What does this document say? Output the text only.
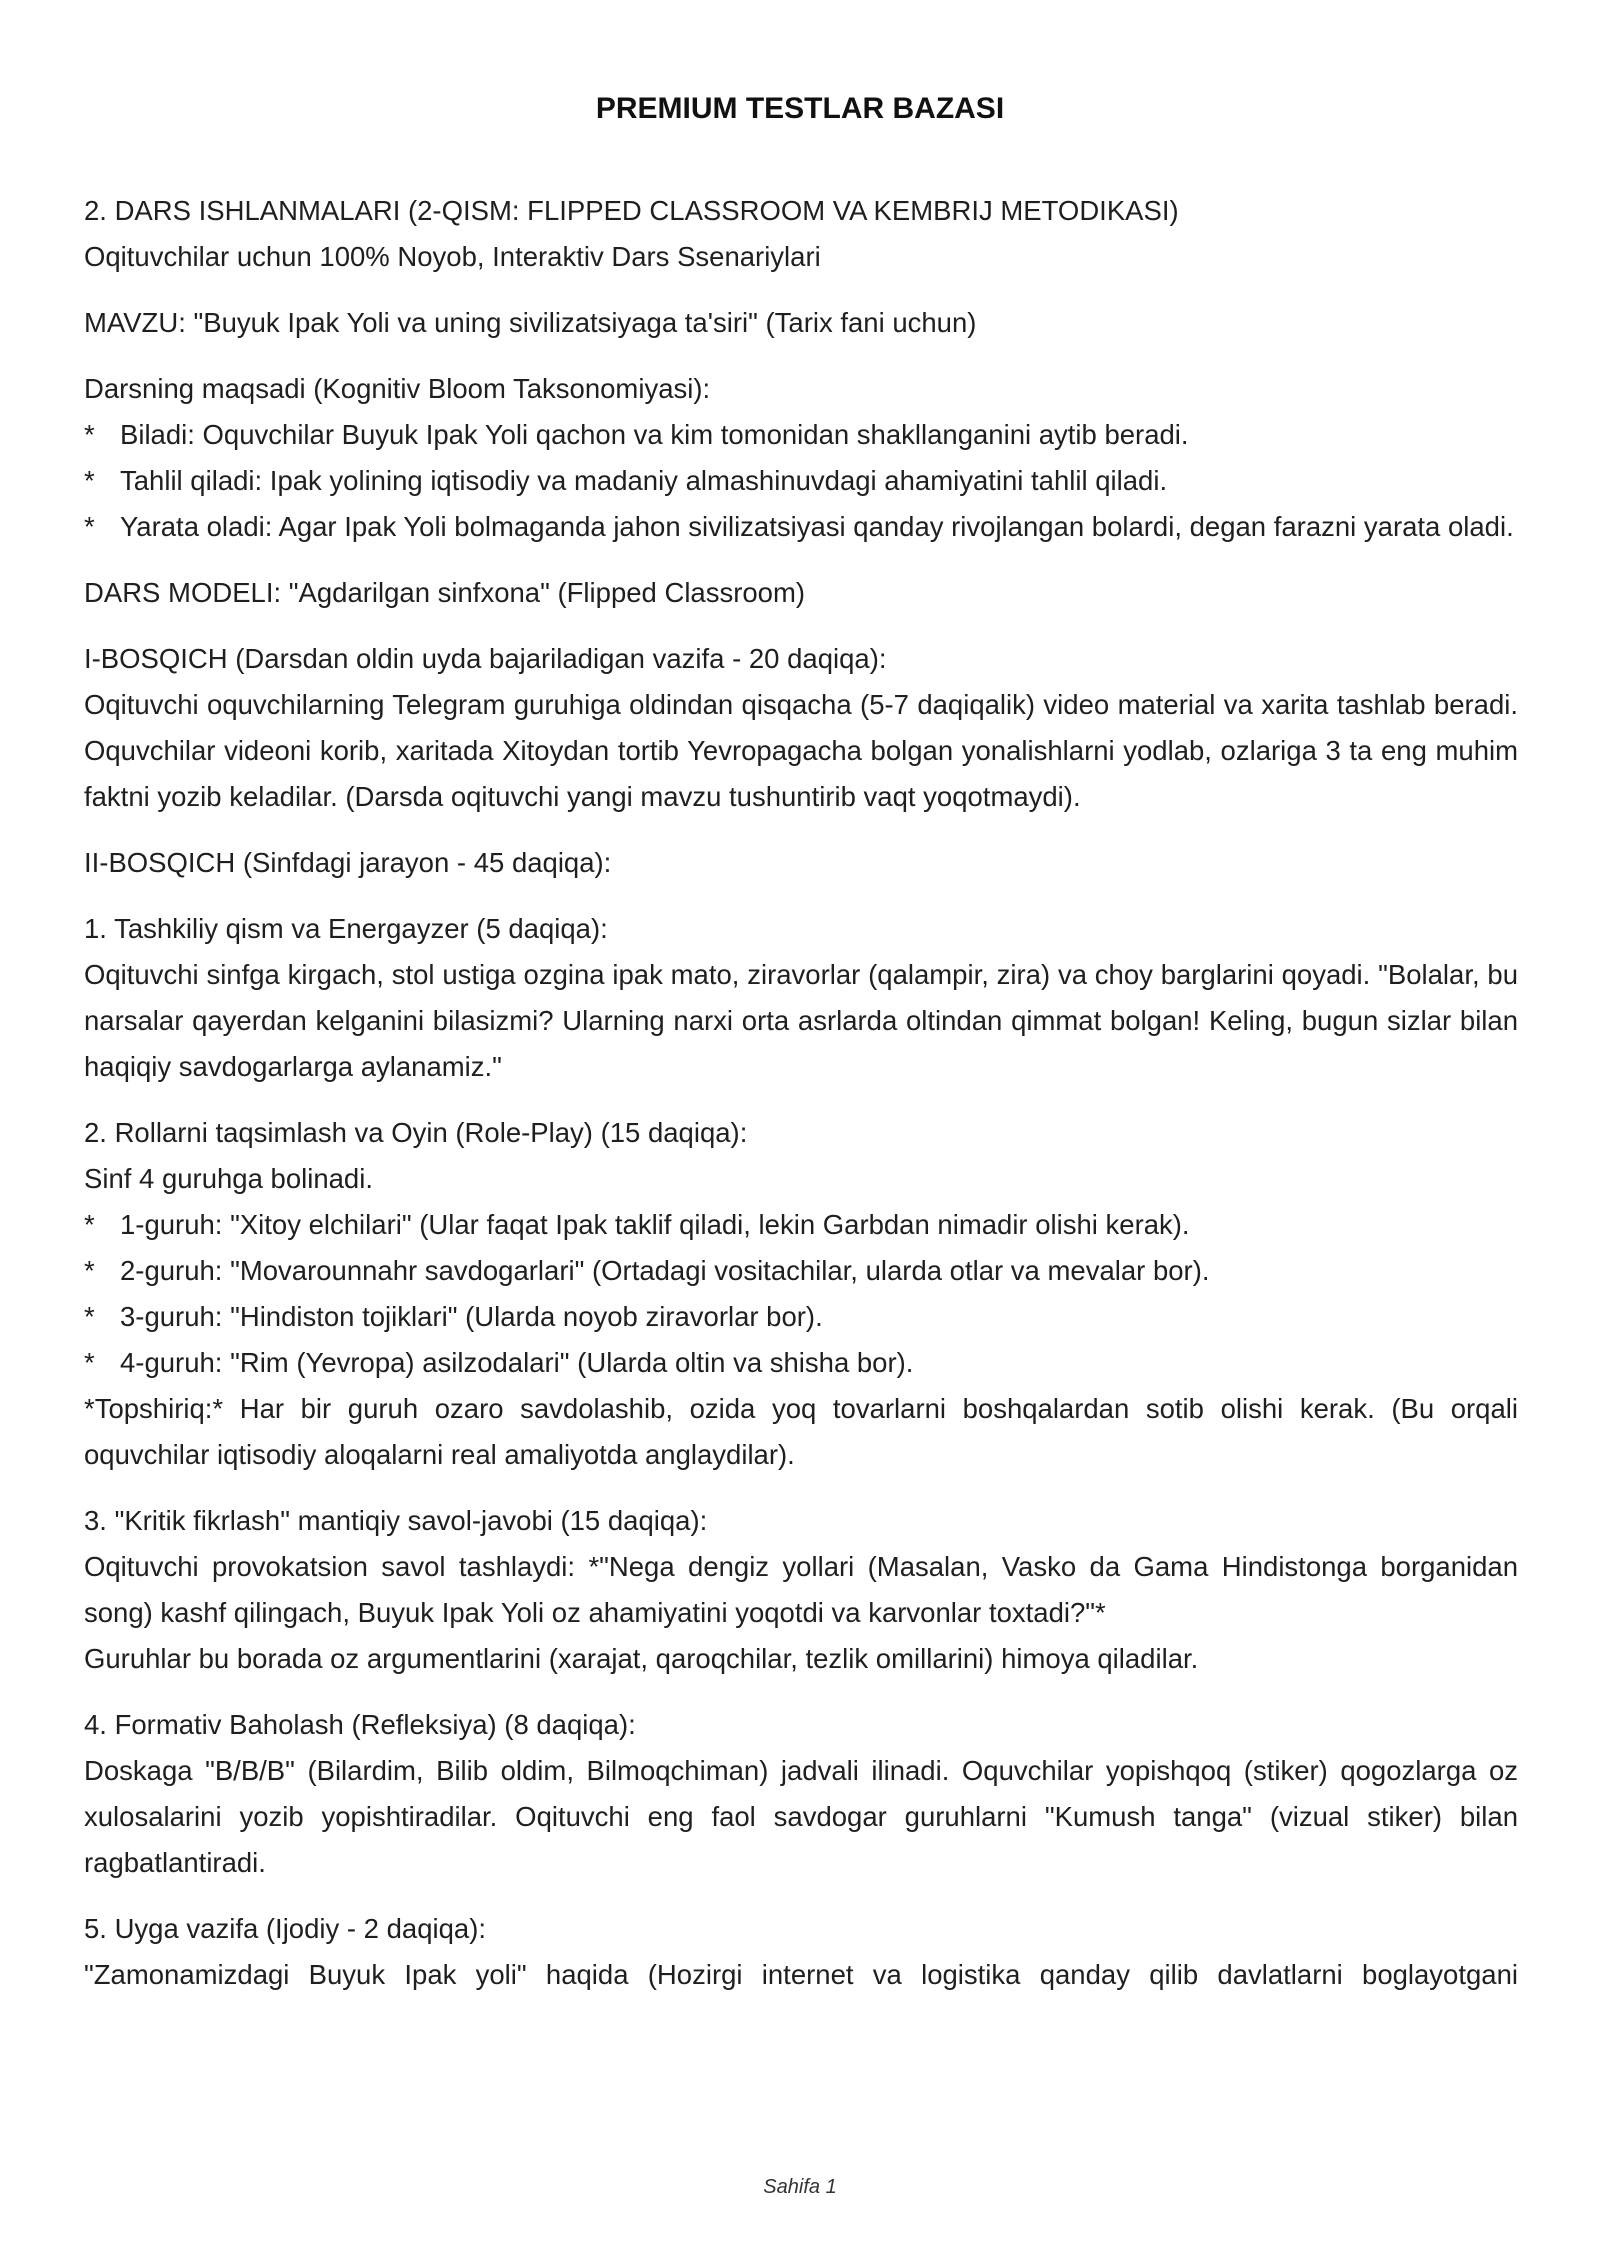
PREMIUM TESTLAR BAZASI
2. DARS ISHLANMALARI (2-QISM: FLIPPED CLASSROOM VA KEMBRIJ METODIKASI)
Oqituvchilar uchun 100% Noyob, Interaktiv Dars Ssenariylari
MAVZU: "Buyuk Ipak Yoli va uning sivilizatsiyaga ta'siri" (Tarix fani uchun)
Darsning maqsadi (Kognitiv Bloom Taksonomiyasi):
* Biladi: Oquvchilar Buyuk Ipak Yoli qachon va kim tomonidan shakllanganini aytib beradi.
* Tahlil qiladi: Ipak yolining iqtisodiy va madaniy almashinuvdagi ahamiyatini tahlil qiladi.
* Yarata oladi: Agar Ipak Yoli bolmaganda jahon sivilizatsiyasi qanday rivojlangan bolardi, degan farazni yarata oladi.
DARS MODELI: "Agdarilgan sinfxona" (Flipped Classroom)
I-BOSQICH (Darsdan oldin uyda bajariladigan vazifa - 20 daqiqa):
Oqituvchi oquvchilarning Telegram guruhiga oldindan qisqacha (5-7 daqiqalik) video material va xarita tashlab beradi. Oquvchilar videoni korib, xaritada Xitoydan tortib Yevropagacha bolgan yonalishlarni yodlab, ozlariga 3 ta eng muhim faktni yozib keladilar. (Darsda oqituvchi yangi mavzu tushuntirib vaqt yoqotmaydi).
II-BOSQICH (Sinfdagi jarayon - 45 daqiqa):
1. Tashkiliy qism va Energayzer (5 daqiqa):
Oqituvchi sinfga kirgach, stol ustiga ozgina ipak mato, ziravorlar (qalampir, zira) va choy barglarini qoyadi. "Bolalar, bu narsalar qayerdan kelganini bilasizmi? Ularning narxi orta asrlarda oltindan qimmat bolgan! Keling, bugun sizlar bilan haqiqiy savdogarlarga aylanamiz."
2. Rollarni taqsimlash va Oyin (Role-Play) (15 daqiqa):
Sinf 4 guruhga bolinadi.
* 1-guruh: "Xitoy elchilari" (Ular faqat Ipak taklif qiladi, lekin Garbdan nimadir olishi kerak).
* 2-guruh: "Movarounnahr savdogarlari" (Ortadagi vositachilar, ularda otlar va mevalar bor).
* 3-guruh: "Hindiston tojiklari" (Ularda noyob ziravorlar bor).
* 4-guruh: "Rim (Yevropa) asilzodalari" (Ularda oltin va shisha bor).
*Topshiriq:* Har bir guruh ozaro savdolashib, ozida yoq tovarlarni boshqalardan sotib olishi kerak. (Bu orqali oquvchilar iqtisodiy aloqalarni real amaliyotda anglaydilar).
3. "Kritik fikrlash" mantiqiy savol-javobi (15 daqiqa):
Oqituvchi provokatsion savol tashlaydi: *"Nega dengiz yollari (Masalan, Vasko da Gama Hindistonga borganidan song) kashf qilingach, Buyuk Ipak Yoli oz ahamiyatini yoqotdi va karvonlar toxtadi?"*
Guruhlar bu borada oz argumentlarini (xarajat, qaroqchilar, tezlik omillarini) himoya qiladilar.
4. Formativ Baholash (Refleksiya) (8 daqiqa):
Doskaga "B/B/B" (Bilardim, Bilib oldim, Bilmoqchiman) jadvali ilinadi. Oquvchilar yopishqoq (stiker) qogozlarga oz xulosalarini yozib yopishtiradilar. Oqituvchi eng faol savdogar guruhlarni "Kumush tanga" (vizual stiker) bilan ragbatlantiradi.
5. Uyga vazifa (Ijodiy - 2 daqiqa):
"Zamonamizdagi Buyuk Ipak yoli" haqida (Hozirgi internet va logistika qanday qilib davlatlarni boglayotgani
Sahifa 1
